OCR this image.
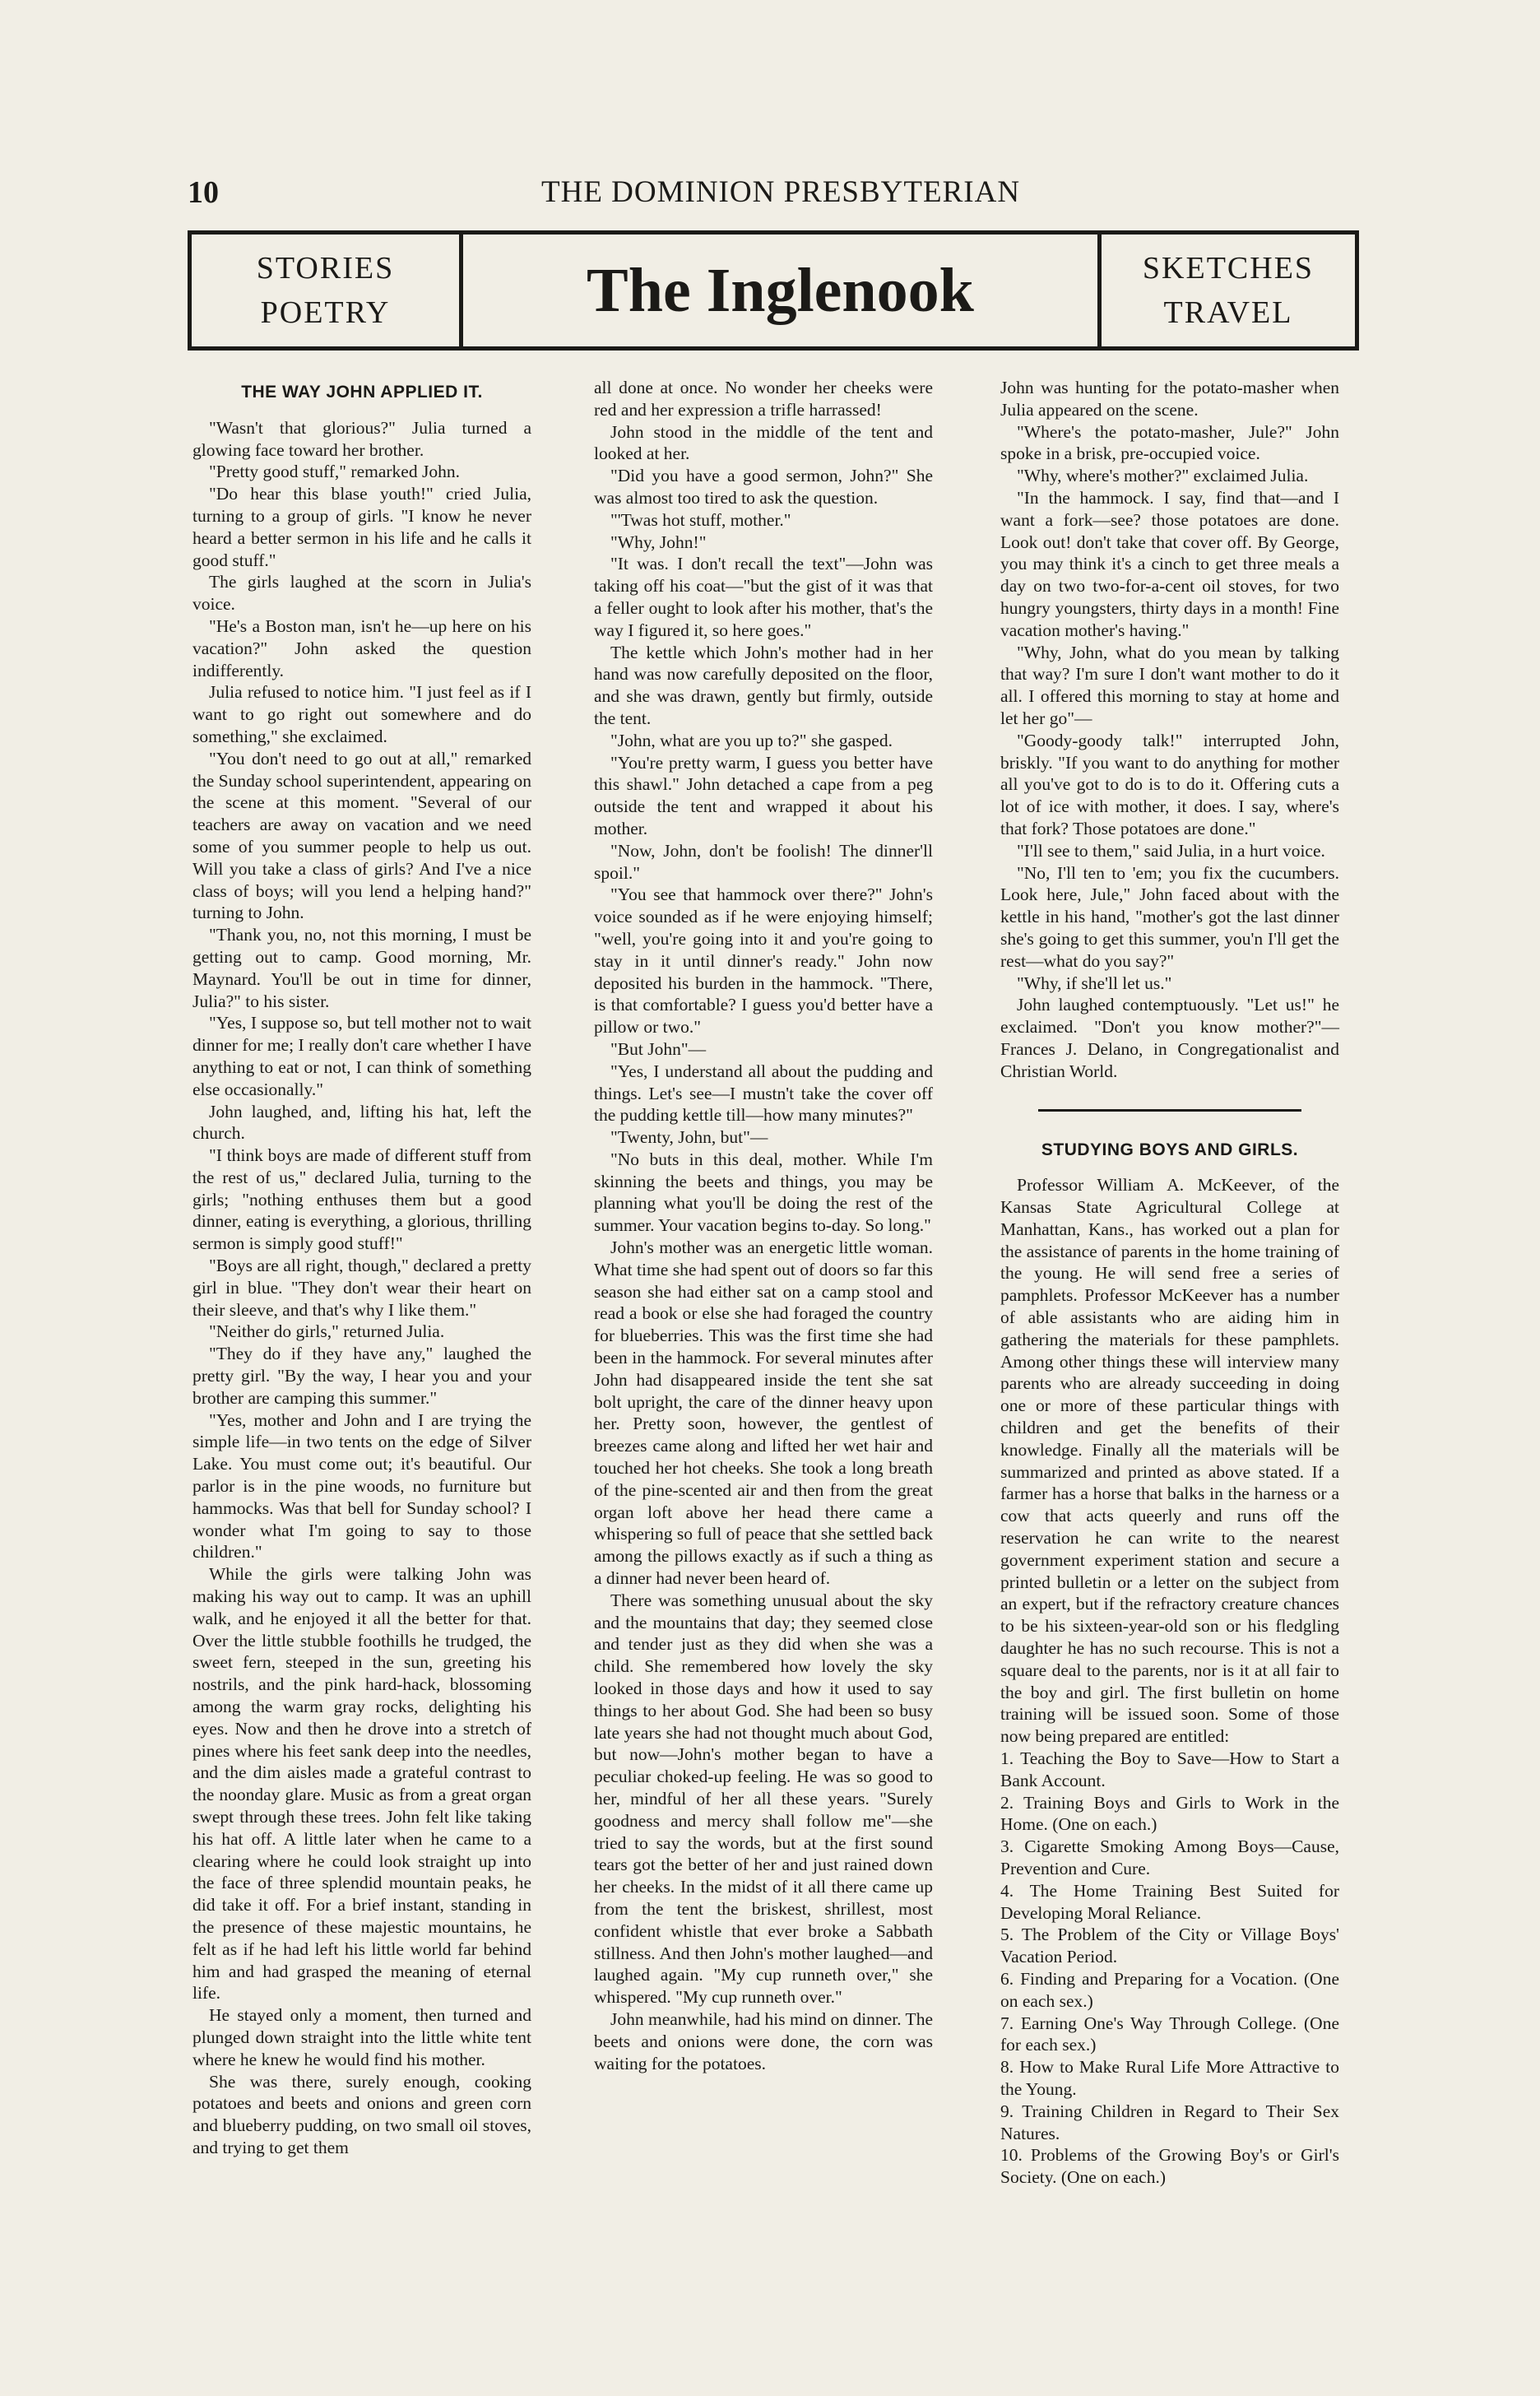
10	THE DOMINION PRESBYTERIAN
STORIES
POETRY	The Inglenook	SKETCHES
TRAVEL
THE WAY JOHN APPLIED IT.

"Wasn't that glorious?" Julia turned a glowing face toward her brother.

"Pretty good stuff," remarked John.

"Do hear this blase youth!" cried Julia, turning to a group of girls. "I know he never heard a better sermon in his life and he calls it good stuff."

The girls laughed at the scorn in Julia's voice.

"He's a Boston man, isn't he—up here on his vacation?" John asked the question indifferently.

Julia refused to notice him. "I just feel as if I want to go right out somewhere and do something," she exclaimed.

"You don't need to go out at all," remarked the Sunday school superintendent, appearing on the scene at this moment. "Several of our teachers are away on vacation and we need some of you summer people to help us out. Will you take a class of girls? And I've a nice class of boys; will you lend a helping hand?" turning to John.

"Thank you, no, not this morning, I must be getting out to camp. Good morning, Mr. Maynard. You'll be out in time for dinner, Julia?" to his sister.

"Yes, I suppose so, but tell mother not to wait dinner for me; I really don't care whether I have anything to eat or not, I can think of something else occasionally."

John laughed, and, lifting his hat, left the church.

"I think boys are made of different stuff from the rest of us," declared Julia, turning to the girls; "nothing enthuses them but a good dinner, eating is everything, a glorious, thrilling sermon is simply good stuff!"

"Boys are all right, though," declared a pretty girl in blue. "They don't wear their heart on their sleeve, and that's why I like them."

"Neither do girls," returned Julia.

"They do if they have any," laughed the pretty girl. "By the way, I hear you and your brother are camping this summer."

"Yes, mother and John and I are trying the simple life—in two tents on the edge of Silver Lake. You must come out; it's beautiful. Our parlor is in the pine woods, no furniture but hammocks. Was that bell for Sunday school? I wonder what I'm going to say to those children."

While the girls were talking John was making his way out to camp. It was an uphill walk, and he enjoyed it all the better for that. Over the little stubble foothills he trudged, the sweet fern, steeped in the sun, greeting his nostrils, and the pink hard-hack, blossoming among the warm gray rocks, delighting his eyes. Now and then he drove into a stretch of pines where his feet sank deep into the needles, and the dim aisles made a grateful contrast to the noonday glare. Music as from a great organ swept through these trees. John felt like taking his hat off. A little later when he came to a clearing where he could look straight up into the face of three splendid mountain peaks, he did take it off. For a brief instant, standing in the presence of these majestic mountains, he felt as if he had left his little world far behind him and had grasped the meaning of eternal life.

He stayed only a moment, then turned and plunged down straight into the little white tent where he knew he would find his mother.

She was there, surely enough, cooking potatoes and beets and onions and green corn and blueberry pudding, on two small oil stoves, and trying to get them

all done at once. No wonder her cheeks were red and her expression a trifle harrassed!

John stood in the middle of the tent and looked at her.

"Did you have a good sermon, John?" She was almost too tired to ask the question.

"'Twas hot stuff, mother."

"Why, John!"

"It was. I don't recall the text"—John was taking off his coat—"but the gist of it was that a feller ought to look after his mother, that's the way I figured it, so here goes."

The kettle which John's mother had in her hand was now carefully deposited on the floor, and she was drawn, gently but firmly, outside the tent.

"John, what are you up to?" she gasped.

"You're pretty warm, I guess you better have this shawl." John detached a cape from a peg outside the tent and wrapped it about his mother.

"Now, John, don't be foolish! The dinner'll spoil."

"You see that hammock over there?" John's voice sounded as if he were enjoying himself; "well, you're going into it and you're going to stay in it until dinner's ready." John now deposited his burden in the hammock. "There, is that comfortable? I guess you'd better have a pillow or two."

"But John"—

"Yes, I understand all about the pudding and things. Let's see—I mustn't take the cover off the pudding kettle till—how many minutes?"

"Twenty, John, but"—

"No buts in this deal, mother. While I'm skinning the beets and things, you may be planning what you'll be doing the rest of the summer. Your vacation begins to-day. So long."

John's mother was an energetic little woman. What time she had spent out of doors so far this season she had either sat on a camp stool and read a book or else she had foraged the country for blueberries. This was the first time she had been in the hammock. For several minutes after John had disappeared inside the tent she sat bolt upright, the care of the dinner heavy upon her. Pretty soon, however, the gentlest of breezes came along and lifted her wet hair and touched her hot cheeks. She took a long breath of the pine-scented air and then from the great organ loft above her head there came a whispering so full of peace that she settled back among the pillows exactly as if such a thing as a dinner had never been heard of.

There was something unusual about the sky and the mountains that day; they seemed close and tender just as they did when she was a child. She remembered how lovely the sky looked in those days and how it used to say things to her about God. She had been so busy late years she had not thought much about God, but now—John's mother began to have a peculiar choked-up feeling. He was so good to her, mindful of her all these years. "Surely goodness and mercy shall follow me"—she tried to say the words, but at the first sound tears got the better of her and just rained down her cheeks. In the midst of it all there came up from the tent the briskest, shrillest, most confident whistle that ever broke a Sabbath stillness. And then John's mother laughed—and laughed again. "My cup runneth over," she whispered. "My cup runneth over."

John meanwhile, had his mind on dinner. The beets and onions were done, the corn was waiting for the potatoes.

John was hunting for the potato-masher when Julia appeared on the scene.

"Where's the potato-masher, Jule?" John spoke in a brisk, pre-occupied voice.

"Why, where's mother?" exclaimed Julia.

"In the hammock. I say, find that—and I want a fork—see? those potatoes are done. Look out! don't take that cover off. By George, you may think it's a cinch to get three meals a day on two two-for-a-cent oil stoves, for two hungry youngsters, thirty days in a month! Fine vacation mother's having."

"Why, John, what do you mean by talking that way? I'm sure I don't want mother to do it all. I offered this morning to stay at home and let her go"—

"Goody-goody talk!" interrupted John, briskly. "If you want to do anything for mother all you've got to do is to do it. Offering cuts a lot of ice with mother, it does. I say, where's that fork? Those potatoes are done."

"I'll see to them," said Julia, in a hurt voice.

"No, I'll ten to 'em; you fix the cucumbers. Look here, Jule," John faced about with the kettle in his hand, "mother's got the last dinner she's going to get this summer, you'n I'll get the rest—what do you say?"

"Why, if she'll let us."

John laughed contemptuously. "Let us!" he exclaimed. "Don't you know mother?"—Frances J. Delano, in Congregationalist and Christian World.

STUDYING BOYS AND GIRLS.

Professor William A. McKeever, of the Kansas State Agricultural College at Manhattan, Kans., has worked out a plan for the assistance of parents in the home training of the young. He will send free a series of pamphlets. Professor McKeever has a number of able assistants who are aiding him in gathering the materials for these pamphlets. Among other things these will interview many parents who are already succeeding in doing one or more of these particular things with children and get the benefits of their knowledge. Finally all the materials will be summarized and printed as above stated. If a farmer has a horse that balks in the harness or a cow that acts queerly and runs off the reservation he can write to the nearest government experiment station and secure a printed bulletin or a letter on the subject from an expert, but if the refractory creature chances to be his sixteen-year-old son or his fledgling daughter he has no such recourse. This is not a square deal to the parents, nor is it at all fair to the boy and girl. The first bulletin on home training will be issued soon. Some of those now being prepared are entitled:

1. Teaching the Boy to Save—How to Start a Bank Account.
2. Training Boys and Girls to Work in the Home. (One on each.)
3. Cigarette Smoking Among Boys—Cause, Prevention and Cure.
4. The Home Training Best Suited for Developing Moral Reliance.
5. The Problem of the City or Village Boys' Vacation Period.
6. Finding and Preparing for a Vocation. (One on each sex.)
7. Earning One's Way Through College. (One for each sex.)
8. How to Make Rural Life More Attractive to the Young.
9. Training Children in Regard to Their Sex Natures.
10. Problems of the Growing Boy's or Girl's Society. (One on each.)
